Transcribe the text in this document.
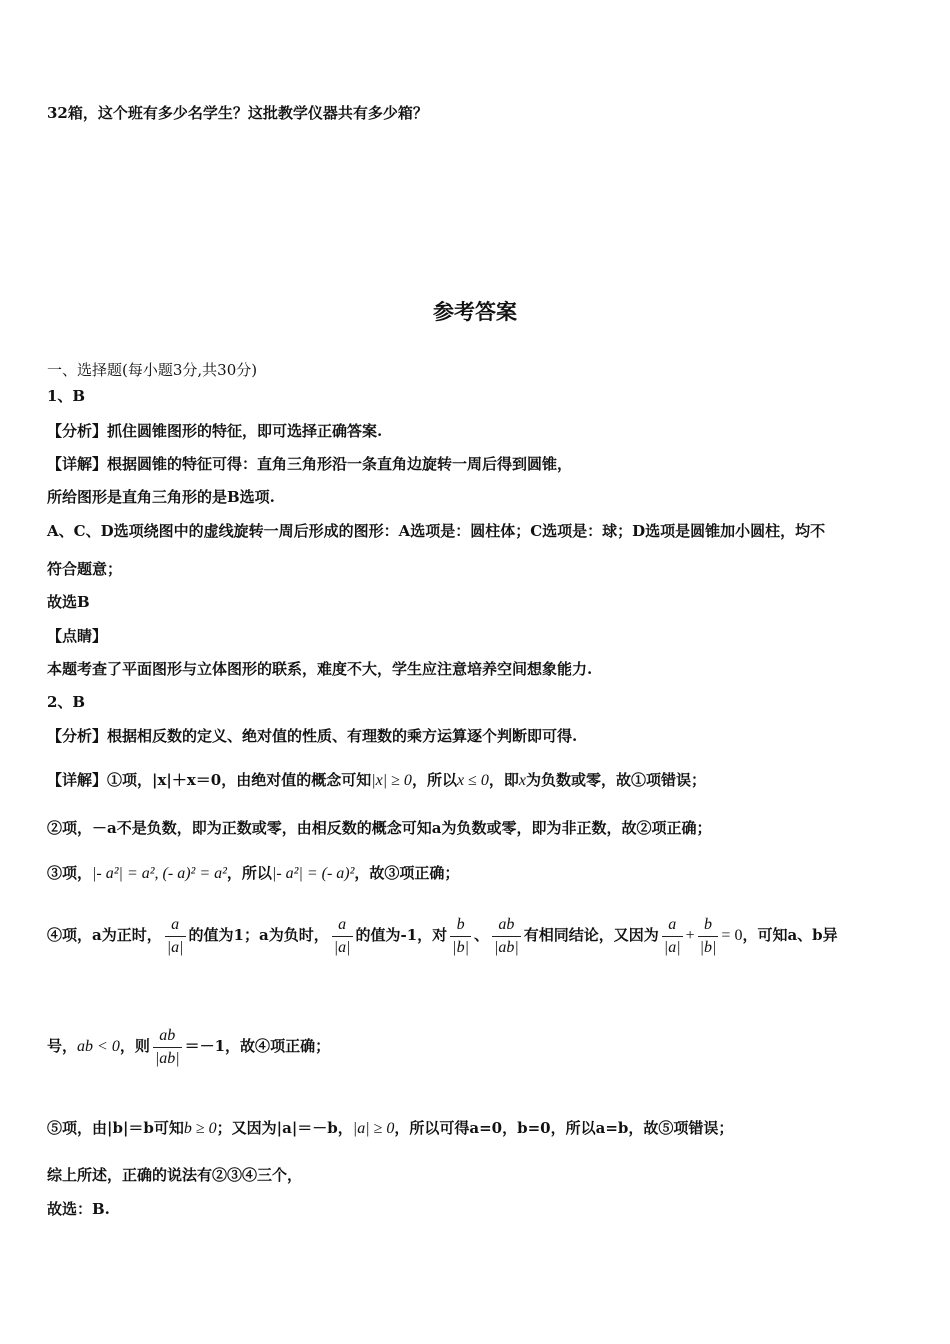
32箱，这个班有多少名学生？这批教学仪器共有多少箱？
参考答案
一、选择题(每小题3分,共30分)
1、B
【分析】抓住圆锥图形的特征，即可选择正确答案.
【详解】根据圆锥的特征可得：直角三角形沿一条直角边旋转一周后得到圆锥，
所给图形是直角三角形的是B选项.
A、C、D选项绕图中的虚线旋转一周后形成的图形：A选项是：圆柱体；C选项是：球；D选项是圆锥加小圆柱，均不
符合题意；
故选B
【点睛】
本题考查了平面图形与立体图形的联系，难度不大，学生应注意培养空间想象能力.
2、B
【分析】根据相反数的定义、绝对值的性质、有理数的乘方运算逐个判断即可得.
【详解】①项，|x|＋x＝0，由绝对值的概念可知|x| ≥ 0，所以x ≤ 0，即x为负数或零，故①项错误；
②项，－a不是负数，即为正数或零，由相反数的概念可知a为负数或零，即为非正数，故②项正确；
③项，|- a²| = a², (- a)² = a²，所以|- a²| = (- a)²，故③项正确；
④项，a为正时， $\frac{a}{|a|}$ 的值为1；a为负时， $\frac{a}{|a|}$ 的值为-1，对 $\frac{b}{|b|}$ 、 $\frac{ab}{|ab|}$ 有相同结论，又因为 $\frac{a}{|a|} + \frac{b}{|b|} = 0$，可知a、b异
号，ab < 0，则 $\frac{ab}{|ab|} =-1$，故④项正确；
⑤项，由|b|＝b可知b ≥ 0；又因为|a|＝－b，|a| ≥ 0，所以可得a=0，b=0，所以a=b，故⑤项错误；
综上所述，正确的说法有②③④三个，
故选：B.
